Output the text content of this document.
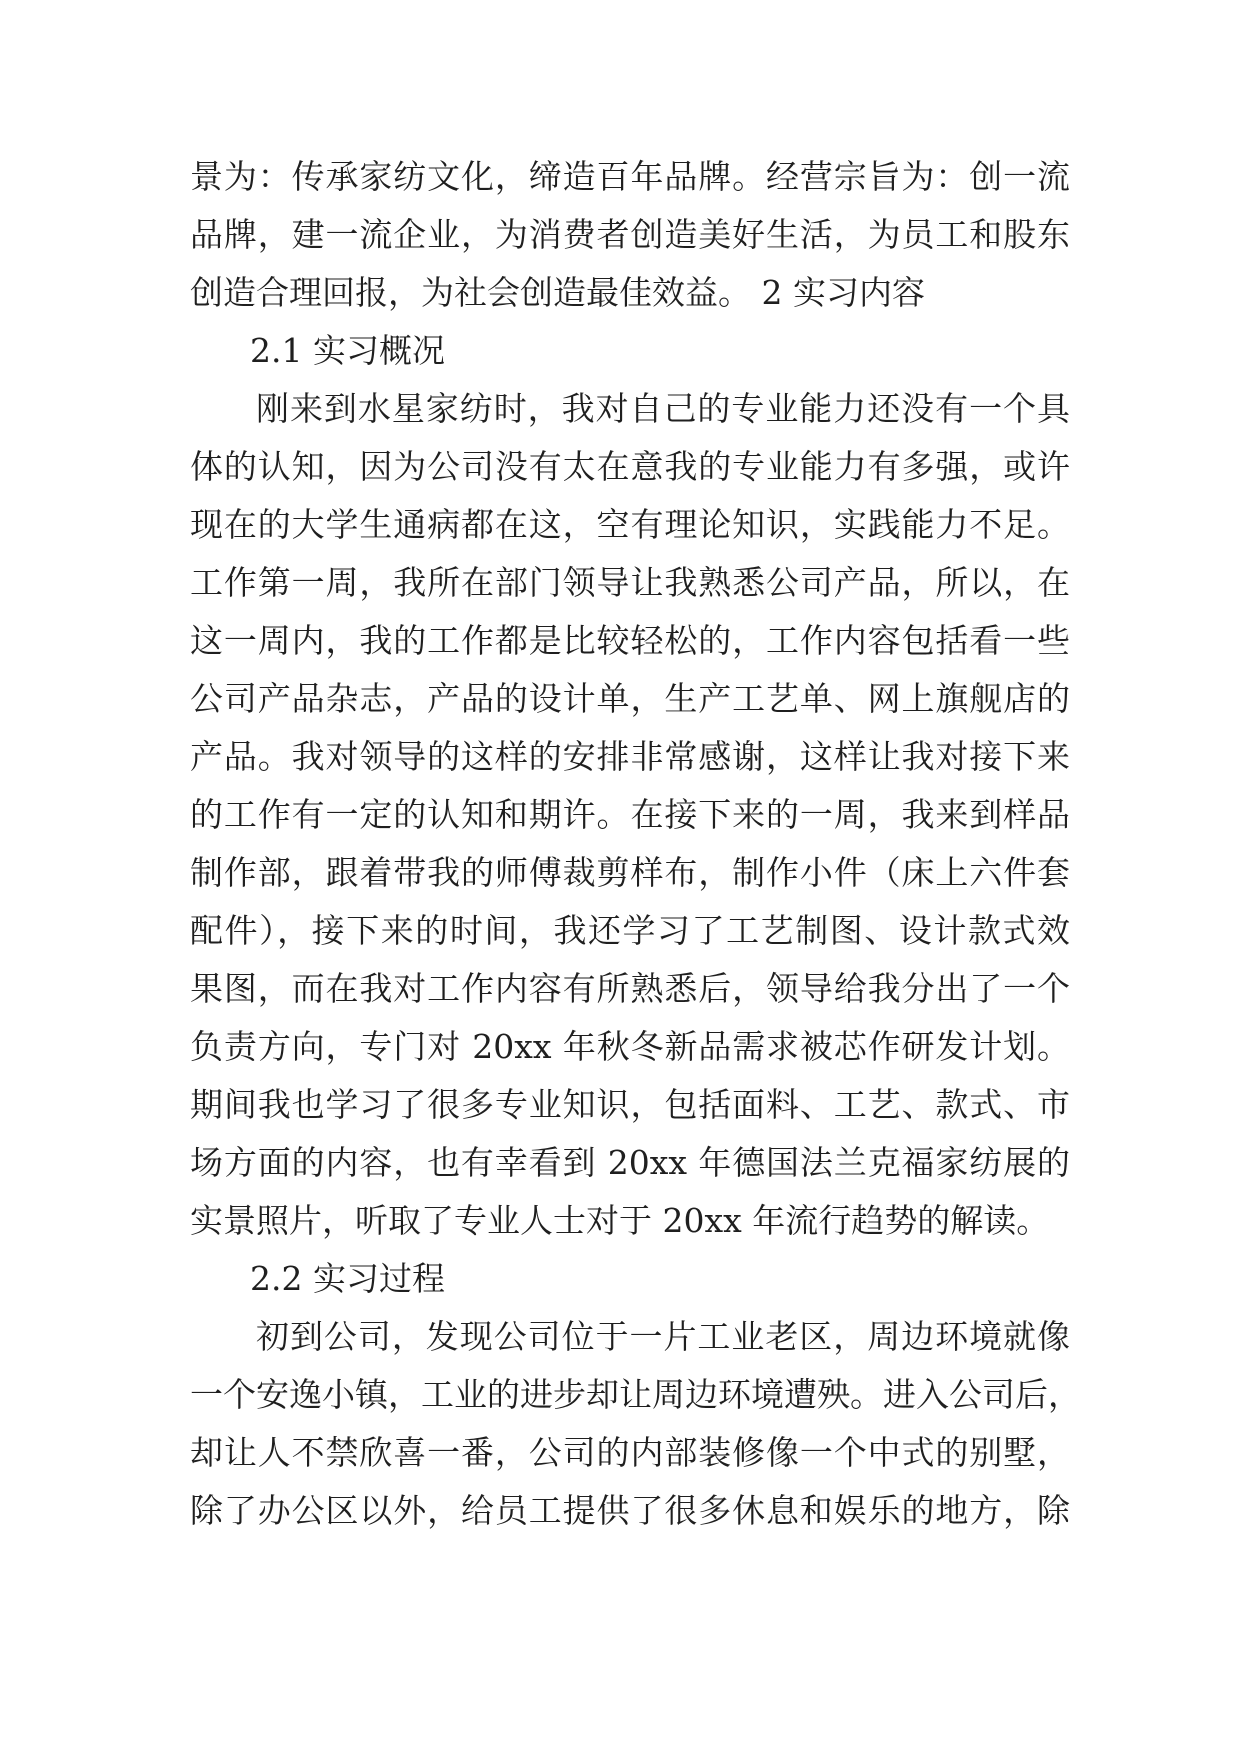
景为：传承家纺文化，缔造百年品牌。经营宗旨为：创一流
品牌，建一流企业，为消费者创造美好生活，为员工和股东
创造合理回报，为社会创造最佳效益。 2 实习内容
2.1 实习概况
刚来到水星家纺时，我对自己的专业能力还没有一个具
体的认知，因为公司没有太在意我的专业能力有多强，或许
现在的大学生通病都在这，空有理论知识，实践能力不足。
工作第一周，我所在部门领导让我熟悉公司产品，所以，在
这一周内，我的工作都是比较轻松的，工作内容包括看一些
公司产品杂志，产品的设计单，生产工艺单、网上旗舰店的
产品。我对领导的这样的安排非常感谢，这样让我对接下来
的工作有一定的认知和期许。在接下来的一周，我来到样品
制作部，跟着带我的师傅裁剪样布，制作小件（床上六件套
配件），接下来的时间，我还学习了工艺制图、设计款式效
果图，而在我对工作内容有所熟悉后，领导给我分出了一个
负责方向，专门对 20xx 年秋冬新品需求被芯作研发计划。
期间我也学习了很多专业知识，包括面料、工艺、款式、市
场方面的内容，也有幸看到 20xx 年德国法兰克福家纺展的
实景照片，听取了专业人士对于 20xx 年流行趋势的解读。
2.2 实习过程
初到公司，发现公司位于一片工业老区，周边环境就像
一个安逸小镇，工业的进步却让周边环境遭殃。进入公司后，
却让人不禁欣喜一番，公司的内部装修像一个中式的别墅，
除了办公区以外，给员工提供了很多休息和娱乐的地方，除
